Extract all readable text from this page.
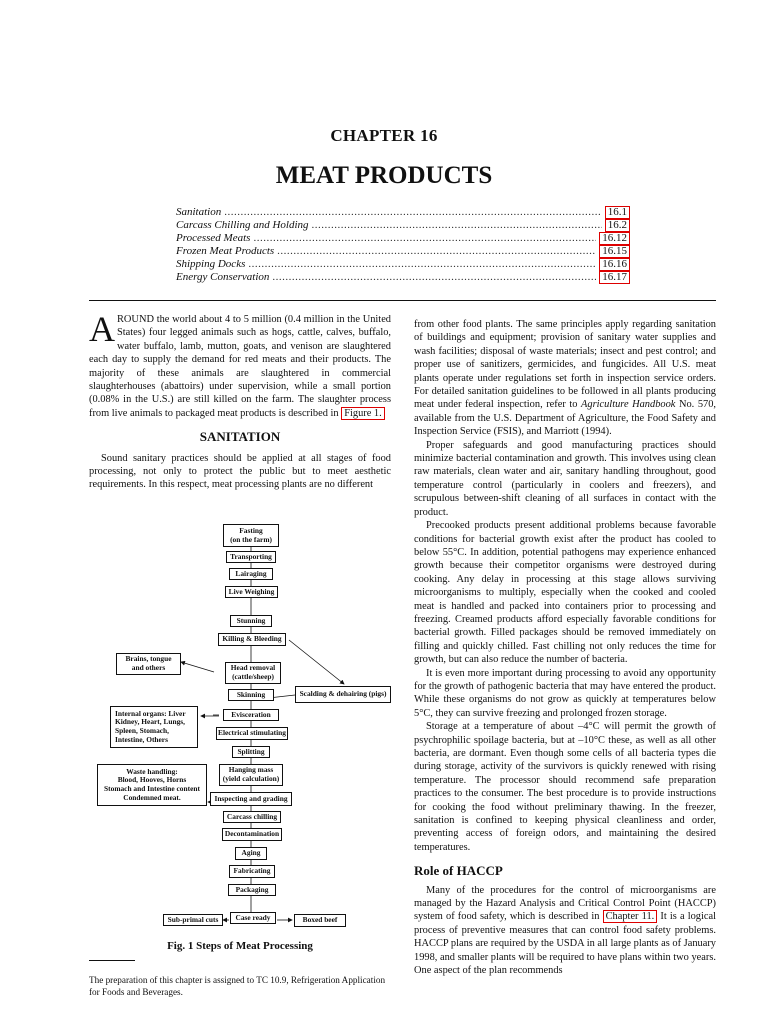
CHAPTER 16
MEAT PRODUCTS
Sanitation .....	16.1
Carcass Chilling and Holding .....	16.2
Processed Meats .....	16.12
Frozen Meat Products .....	16.15
Shipping Docks .....	16.16
Energy Conservation .....	16.17

AROUND the world about 4 to 5 million (0.4 million in the United States) four legged animals such as hogs, cattle, calves, buffalo, water buffalo, lamb, mutton, goats, and venison are slaughtered each day to supply the demand for red meats and their products. The majority of these animals are slaughtered in commercial slaughterhouses (abattoirs) under supervision, while a small portion (0.08% in the U.S.) are still killed on the farm. The slaughter process from live animals to packaged meat products is described in Figure 1.

SANITATION

Sound sanitary practices should be applied at all stages of food processing, not only to protect the public but to meet aesthetic requirements. In this respect, meat processing plants are no different

Fasting
(on the farm)
Transporting
Lairaging
Live Weighing
Stunning
Killing & Bleeding
Head removal
(cattle/sheep)
Skinning
Evisceration
Electrical stimulating
Splitting
Hanging mass
(yield calculation)
Inspecting and grading
Carcass chilling
Decontamination
Aging
Fabricating
Packaging
Case ready
Brains, tongue
and others
Scalding & dehairing (pigs)
Internal organs: Liver
Kidney, Heart, Lungs,
Spleen, Stomach,
Intestine, Others
Waste handling:
Blood, Hooves, Horns
Stomach and Intestine content
Condemned meat.
Sub-primal cuts	Boxed beef
Fig. 1 Steps of Meat Processing
The preparation of this chapter is assigned to TC 10.9, Refrigeration Application for Foods and Beverages.

from other food plants. The same principles apply regarding sanitation of buildings and equipment; provision of sanitary water supplies and wash facilities; disposal of waste materials; insect and pest control; and proper use of sanitizers, germicides, and fungicides. All U.S. meat plants operate under regulations set forth in inspection service orders. For detailed sanitation guidelines to be followed in all plants producing meat under federal inspection, refer to Agriculture Handbook No. 570, available from the U.S. Department of Agriculture, the Food Safety and Inspection Service (FSIS), and Marriott (1994).

Proper safeguards and good manufacturing practices should minimize bacterial contamination and growth. This involves using clean raw materials, clean water and air, sanitary handling throughout, good temperature control (particularly in coolers and freezers), and scrupulous between-shift cleaning of all surfaces in contact with the product.

Precooked products present additional problems because favorable conditions for bacterial growth exist after the product has cooled to below 55°C. In addition, potential pathogens may experience enhanced growth because their competitor organisms were destroyed during cooking. Any delay in processing at this stage allows surviving microorganisms to multiply, especially when the cooked and cooled meat is handled and packed into containers prior to processing and freezing. Creamed products afford especially favorable conditions for bacterial growth. Filled packages should be removed immediately on filling and quickly chilled. Fast chilling not only reduces the time for growth, but can also reduce the number of bacteria.

It is even more important during processing to avoid any opportunity for the growth of pathogenic bacteria that may have entered the product. While these organisms do not grow as quickly at temperatures below 5°C, they can survive freezing and prolonged frozen storage.

Storage at a temperature of about –4°C will permit the growth of psychrophilic spoilage bacteria, but at –10°C these, as well as all other bacteria, are dormant. Even though some cells of all bacteria types die during storage, activity of the survivors is quickly renewed with rising temperature. The processor should recommend safe preparation practices to the consumer. The best procedure is to provide instructions for cooking the food without preliminary thawing. In the freezer, sanitation is confined to keeping physical cleanliness and order, preventing access of foreign odors, and maintaining the desired temperatures.

Role of HACCP

Many of the procedures for the control of microorganisms are managed by the Hazard Analysis and Critical Control Point (HACCP) system of food safety, which is described in Chapter 11. It is a logical process of preventive measures that can control food safety problems. HACCP plans are required by the USDA in all large plants as of January 1998, and smaller plants will be required to have plans within two years. One aspect of the plan recommends
